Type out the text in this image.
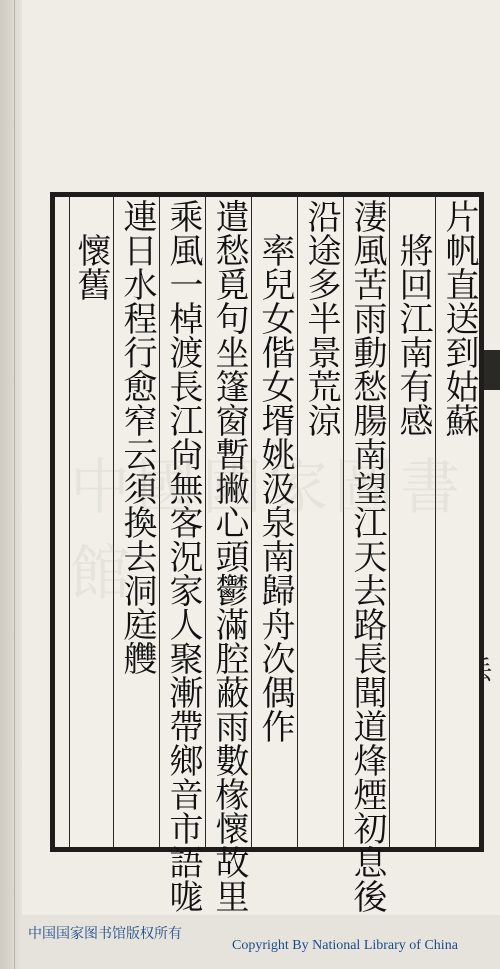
片帆直送到姑蘇
　將回江南有感
淒風苦雨動愁腸南望江天去路長聞道烽煙初息後
沿途多半景荒涼
　率兒女偕女壻姚汲泉南歸舟次偶作
遣愁覓句坐篷窗暫撇心頭鬱滿腔蔽雨數椽懷故里
乘風一棹渡長江尙無客況家人聚漸帶鄉音市語哤
連日水程行愈窄云須換去洞庭艭
　懷舊
中国国家图书馆版权所有
Copyright By National Library of China
